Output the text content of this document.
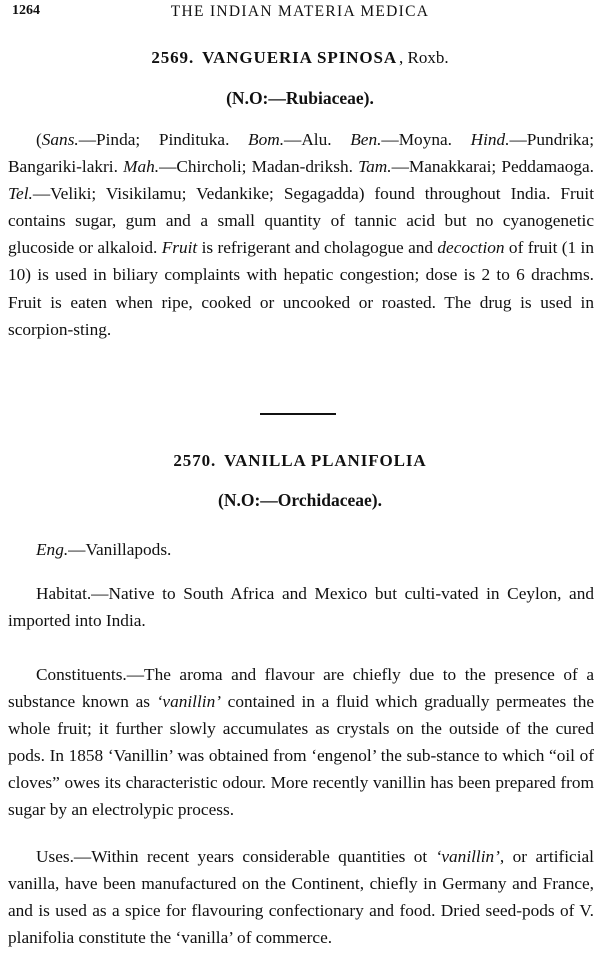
1264	THE INDIAN MATERIA MEDICA
2569. VANGUERIA SPINOSA , Roxb.
(N.O:—Rubiaceae).

(Sans.—Pinda; Pindituka. Bom.—Alu. Ben.—Moyna. Hind.—Pundrika; Bangariki-lakri. Mah.—Chircholi; Madan-driksh. Tam.—Manakkarai; Peddamaoga. Tel.—Veliki; Visikilamu; Vedankike; Segagadda) found throughout India. Fruit contains sugar, gum and a small quantity of tannic acid but no cyanogenetic glucoside or alkaloid. Fruit is refrigerant and cholagogue and decoction of fruit (1 in 10) is used in biliary complaints with hepatic congestion; dose is 2 to 6 drachms. Fruit is eaten when ripe, cooked or uncooked or roasted. The drug is used in scorpion-sting.

2570. VANILLA PLANIFOLIA
(N.O:—Orchidaceae).

Eng.—Vanillapods.

Habitat.—Native to South Africa and Mexico but culti-vated in Ceylon, and imported into India.

Constituents.—The aroma and flavour are chiefly due to the presence of a substance known as ‘vanillin’ contained in a fluid which gradually permeates the whole fruit; it further slowly accumulates as crystals on the outside of the cured pods. In 1858 ‘Vanillin’ was obtained from ‘engenol’ the sub-stance to which “oil of cloves” owes its characteristic odour. More recently vanillin has been prepared from sugar by an electrolypic process.

Uses.—Within recent years considerable quantities ot ‘vanillin’, or artificial vanilla, have been manufactured on the Continent, chiefly in Germany and France, and is used as a spice for flavouring confectionary and food. Dried seed-pods of V. planifolia constitute the ‘vanilla’ of commerce.
